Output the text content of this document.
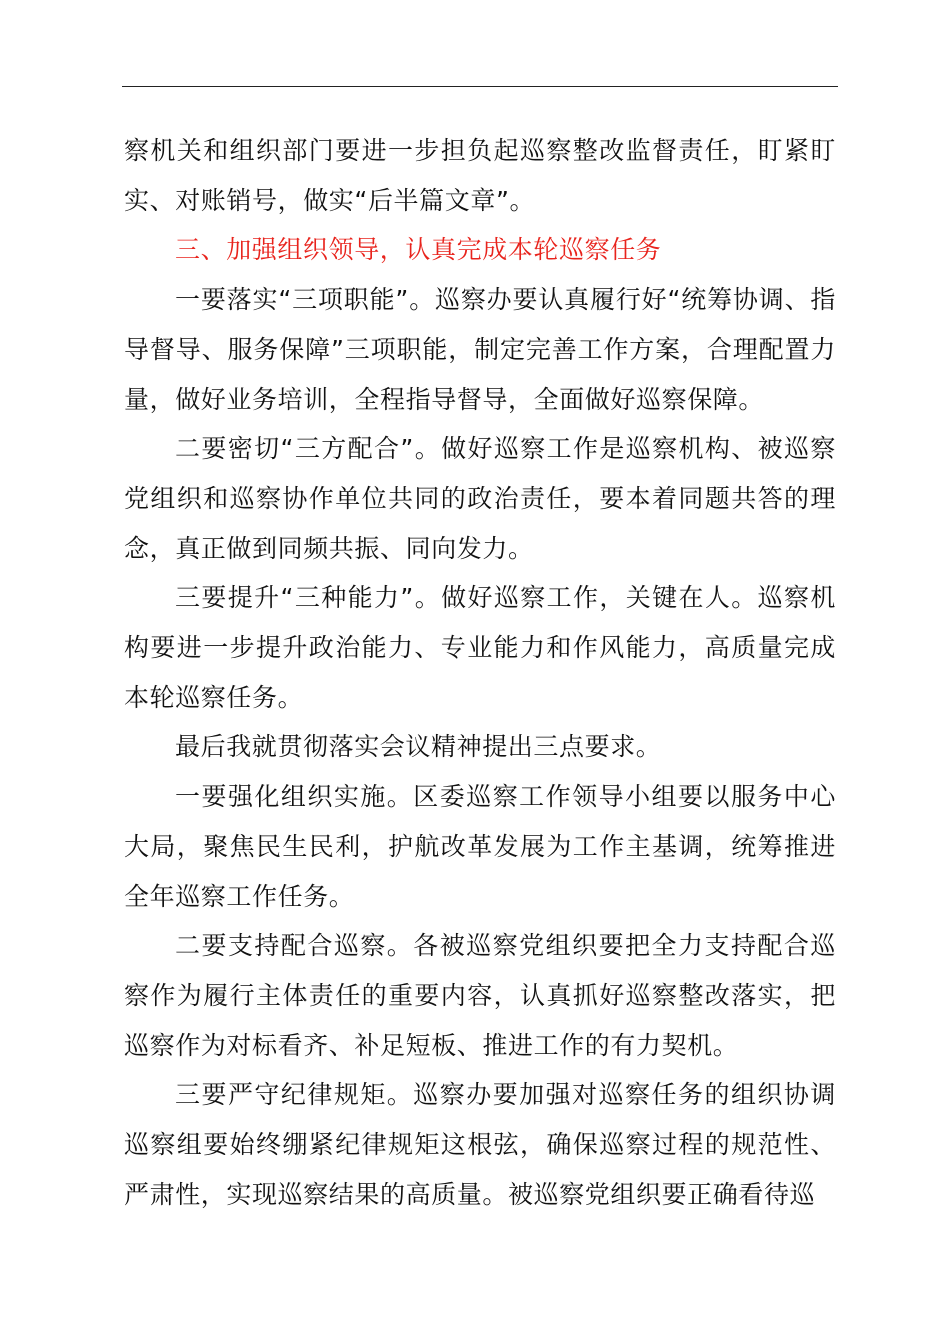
察机关和组织部门要进一步担负起巡察整改监督责任，盯紧盯实、对账销号，做实“后半篇文章”。

三、加强组织领导，认真完成本轮巡察任务

一要落实“三项职能”。巡察办要认真履行好“统筹协调、指导督导、服务保障”三项职能，制定完善工作方案，合理配置力量，做好业务培训，全程指导督导，全面做好巡察保障。

二要密切“三方配合”。做好巡察工作是巡察机构、被巡察党组织和巡察协作单位共同的政治责任，要本着同题共答的理念，真正做到同频共振、同向发力。

三要提升“三种能力”。做好巡察工作，关键在人。巡察机构要进一步提升政治能力、专业能力和作风能力，高质量完成本轮巡察任务。

最后我就贯彻落实会议精神提出三点要求。

一要强化组织实施。区委巡察工作领导小组要以服务中心大局，聚焦民生民利，护航改革发展为工作主基调，统筹推进全年巡察工作任务。

二要支持配合巡察。各被巡察党组织要把全力支持配合巡察作为履行主体责任的重要内容，认真抓好巡察整改落实，把巡察作为对标看齐、补足短板、推进工作的有力契机。

三要严守纪律规矩。巡察办要加强对巡察任务的组织协调巡察组要始终绷紧纪律规矩这根弦，确保巡察过程的规范性、严肃性，实现巡察结果的高质量。被巡察党组织要正确看待巡
